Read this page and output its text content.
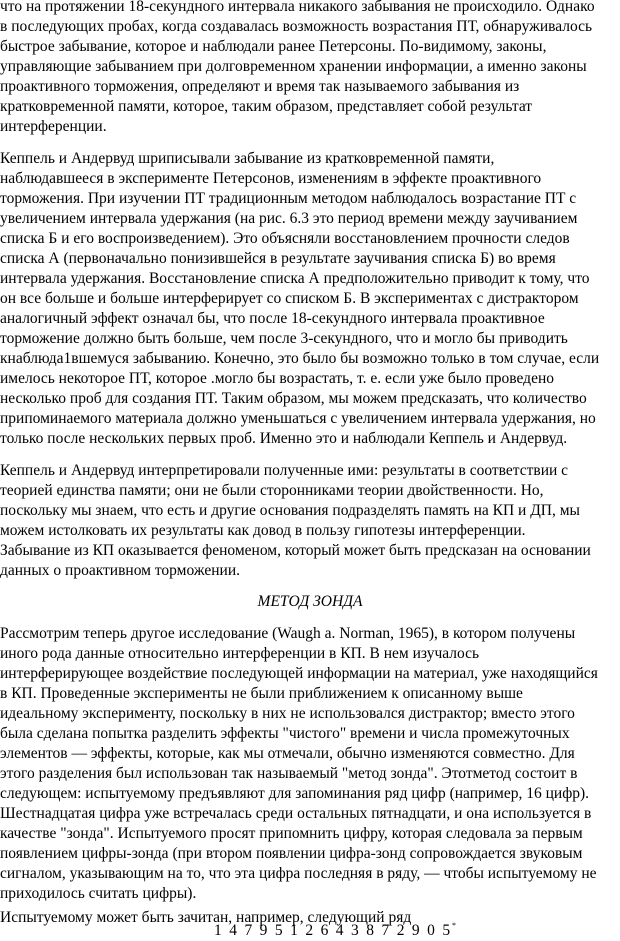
что на протяжении 18-секундного интервала никакого забывания не происходило. Однако
в последующих пробах, когда создавалась возможность возрастания ПТ, обнаруживалось
быстрое забывание, которое и наблюдали ранее Петерсоны. По-видимому, законы,
управляющие забыванием при долговременном хранении информации, а именно законы
проактивного торможения, определяют и время так называемого забывания из
кратковременной памяти, которое, таким образом, представляет собой результат
интерференции.
Кеппель и Андервуд шриписывали забывание из кратковременной памяти,
наблюдавшееся в эксперименте Петерсонов, изменениям в эффекте проактивного
торможения. При изучении ПТ традиционным методом наблюдалось возрастание ПТ с
увеличением интервала удержания (на рис. 6.3 это период времени между заучиванием
списка Б и его воспроизведением). Это объясняли восстановлением прочности следов
списка А (первоначально понизившейся в результате заучивания списка Б) во время
интервала удержания. Восстановление списка А предположительно приводит к тому, что
он все больше и больше интерферирует со списком Б. В экспериментах с дистрактором
аналогичный эффект означал бы, что после 18-секундного интервала проактивное
торможение должно быть больше, чем после 3-секундного, что и могло бы приводить
кнаблюда1вшемуся забыванию. Конечно, это было бы возможно только в том случае, если
имелось некоторое ПТ, которое .могло бы возрастать, т. е. если уже было проведено
несколько проб для создания ПТ. Таким образом, мы можем предсказать, что количество
припоминаемого материала должно уменьшаться с увеличением интервала удержания, но
только после нескольких первых проб. Именно это и наблюдали Кеппель и Андервуд.
Кеппель и Андервуд интерпретировали полученные ими: результаты в соответствии с
теорией единства памяти; они не были сторонниками теории двойственности. Но,
поскольку мы знаем, что есть и другие основания подразделять память на КП и ДП, мы
можем истолковать их результаты как довод в пользу гипотезы интерференции.
Забывание из КП оказывается феноменом, который может быть предсказан на основании
данных о проактивном торможении.
МЕТОД ЗОНДА
Рассмотрим теперь другое исследование (Waugh a. Norman, 1965), в котором получены
иного рода данные относительно интерференции в КП. В нем изучалось
интерферирующее воздействие последующей информации на материал, уже находящийся
в КП. Проведенные эксперименты не были приближением к описанному выше
идеальному эксперименту, поскольку в них не использовался дистрактор; вместо этого
была сделана попытка разделить эффекты "чистого" времени и числа промежуточных
элементов — эффекты, которые, как мы отмечали, обычно изменяются совместно. Для
этого разделения был использован так называемый "метод зонда". Этотметод состоит в
следующем: испытуемому предъявляют для запоминания ряд цифр (например, 16 цифр).
Шестнадцатая цифра уже встречалась среди остальных пятнадцати, и она используется в
качестве "зонда". Испытуемого просят припомнить цифру, которая следовала за первым
появлением цифры-зонда (при втором появлении цифра-зонд сопровождается звуковым
сигналом, указывающим на то, что эта цифра последняя в ряду, — чтобы испытуемому не
приходилось считать цифры).
Испытуемому может быть зачитан, например, следующий ряд
1 4 7 9 5 1 2 6 4 3 8 7 2 9 0 5*
